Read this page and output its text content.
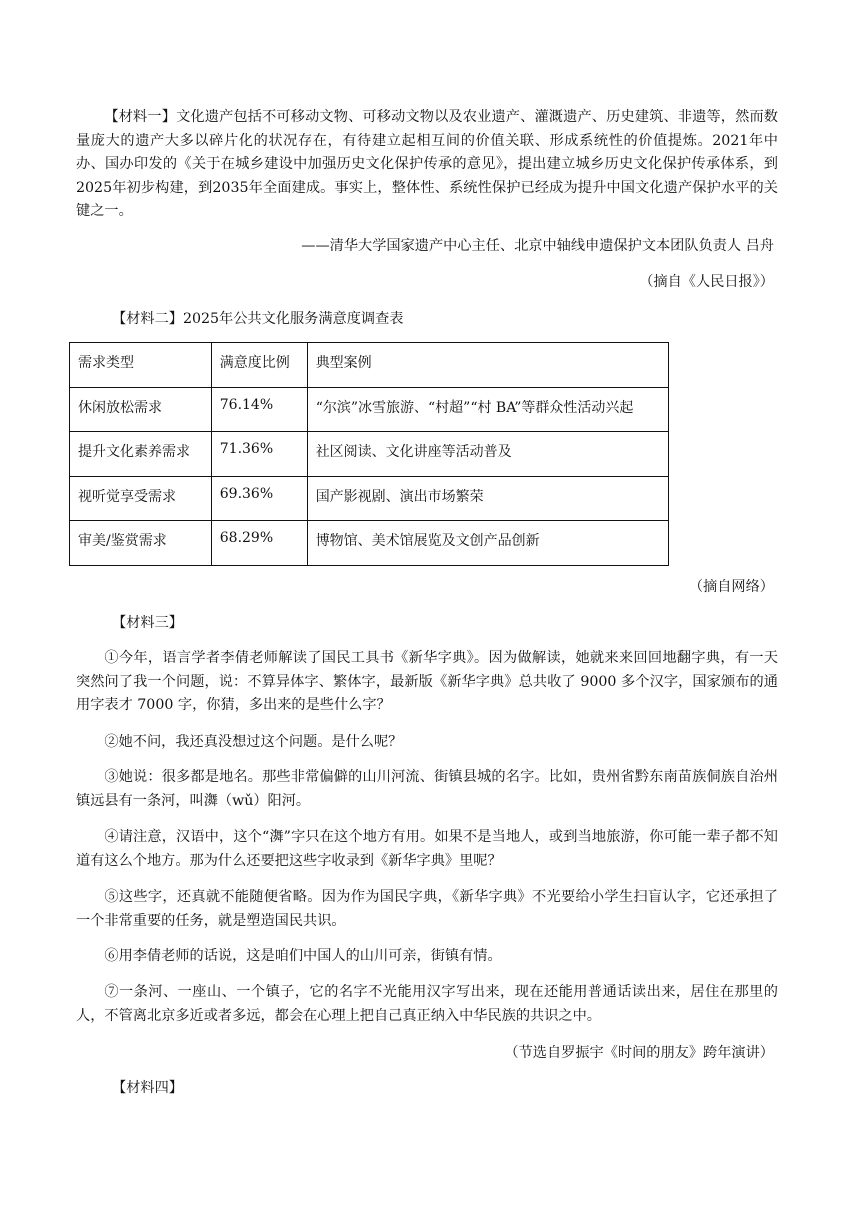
【材料一】文化遗产包括不可移动文物、可移动文物以及农业遗产、灌溉遗产、历史建筑、非遗等，然而数量庞大的遗产大多以碎片化的状况存在，有待建立起相互间的价值关联、形成系统性的价值提炼。2021年中办、国办印发的《关于在城乡建设中加强历史文化保护传承的意见》，提出建立城乡历史文化保护传承体系，到2025年初步构建，到2035年全面建成。事实上，整体性、系统性保护已经成为提升中国文化遗产保护水平的关键之一。
——清华大学国家遗产中心主任、北京中轴线申遗保护文本团队负责人 吕舟
（摘自《人民日报》）
【材料二】2025年公共文化服务满意度调查表
需求类型	满意度比例	典型案例
休闲放松需求	76.14%	“尔滨”冰雪旅游、“村超”“村 BA”等群众性活动兴起
提升文化素养需求	71.36%	社区阅读、文化讲座等活动普及
视听觉享受需求	69.36%	国产影视剧、演出市场繁荣
审美/鉴赏需求	68.29%	博物馆、美术馆展览及文创产品创新
（摘自网络）
【材料三】
①今年，语言学者李倩老师解读了国民工具书《新华字典》。因为做解读，她就来来回回地翻字典，有一天突然问了我一个问题，说：不算异体字、繁体字，最新版《新华字典》总共收了 9000 多个汉字，国家颁布的通用字表才 7000 字，你猜，多出来的是些什么字？
②她不问，我还真没想过这个问题。是什么呢？
③她说：很多都是地名。那些非常偏僻的山川河流、街镇县城的名字。比如，贵州省黔东南苗族侗族自治州镇远县有一条河，叫㵲（wǔ）阳河。
④请注意，汉语中，这个“㵲”字只在这个地方有用。如果不是当地人，或到当地旅游，你可能一辈子都不知道有这么个地方。那为什么还要把这些字收录到《新华字典》里呢？
⑤这些字，还真就不能随便省略。因为作为国民字典，《新华字典》不光要给小学生扫盲认字，它还承担了一个非常重要的任务，就是塑造国民共识。
⑥用李倩老师的话说，这是咱们中国人的山川可亲，街镇有情。
⑦一条河、一座山、一个镇子，它的名字不光能用汉字写出来，现在还能用普通话读出来，居住在那里的人，不管离北京多近或者多远，都会在心理上把自己真正纳入中华民族的共识之中。
（节选自罗振宇《时间的朋友》跨年演讲）
【材料四】
